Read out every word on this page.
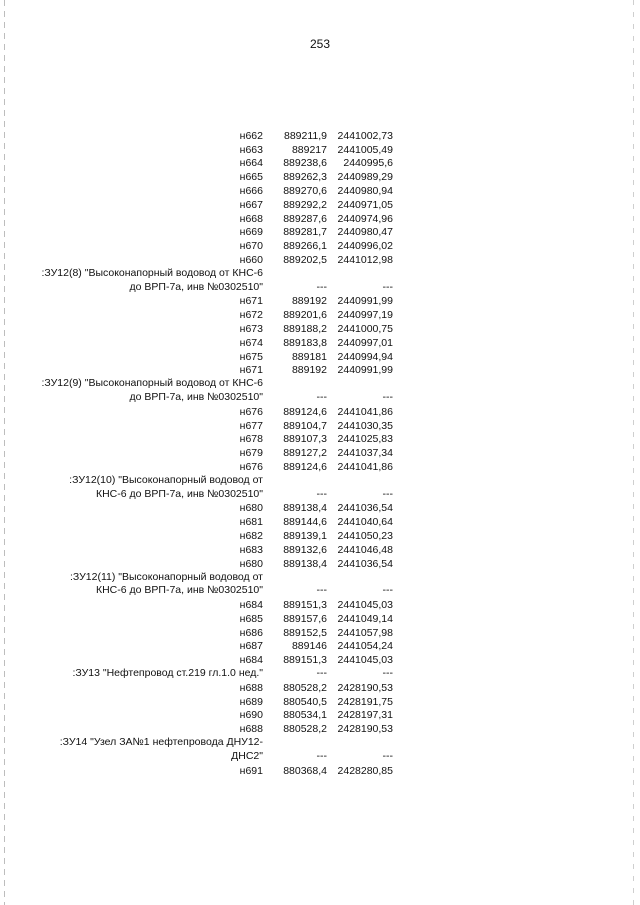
253
н662	889211,9	2441002,73
н663	889217	2441005,49
н664	889238,6	2440995,6
н665	889262,3	2440989,29
н666	889270,6	2440980,94
н667	889292,2	2440971,05
н668	889287,6	2440974,96
н669	889281,7	2440980,47
н670	889266,1	2440996,02
н660	889202,5	2441012,98
:ЗУ12(8) "Высоконапорный водовод от КНС-6 до ВРП-7а, инв №0302510"	---	---
н671	889192	2440991,99
н672	889201,6	2440997,19
н673	889188,2	2441000,75
н674	889183,8	2440997,01
н675	889181	2440994,94
н671	889192	2440991,99
:ЗУ12(9) "Высоконапорный водовод от КНС-6 до ВРП-7а, инв №0302510"	---	---
н676	889124,6	2441041,86
н677	889104,7	2441030,35
н678	889107,3	2441025,83
н679	889127,2	2441037,34
н676	889124,6	2441041,86
:ЗУ12(10) "Высоконапорный водовод от КНС-6 до ВРП-7а, инв №0302510"	---	---
н680	889138,4	2441036,54
н681	889144,6	2441040,64
н682	889139,1	2441050,23
н683	889132,6	2441046,48
н680	889138,4	2441036,54
:ЗУ12(11) "Высоконапорный водовод от КНС-6 до ВРП-7а, инв №0302510"	---	---
н684	889151,3	2441045,03
н685	889157,6	2441049,14
н686	889152,5	2441057,98
н687	889146	2441054,24
н684	889151,3	2441045,03
:ЗУ13 "Нефтепровод ст.219 гл.1.0 нед."	---	---
н688	880528,2	2428190,53
н689	880540,5	2428191,75
н690	880534,1	2428197,31
н688	880528,2	2428190,53
:ЗУ14 "Узел ЗА№1 нефтепровода ДНУ12-ДНС2"	---	---
н691	880368,4	2428280,85
